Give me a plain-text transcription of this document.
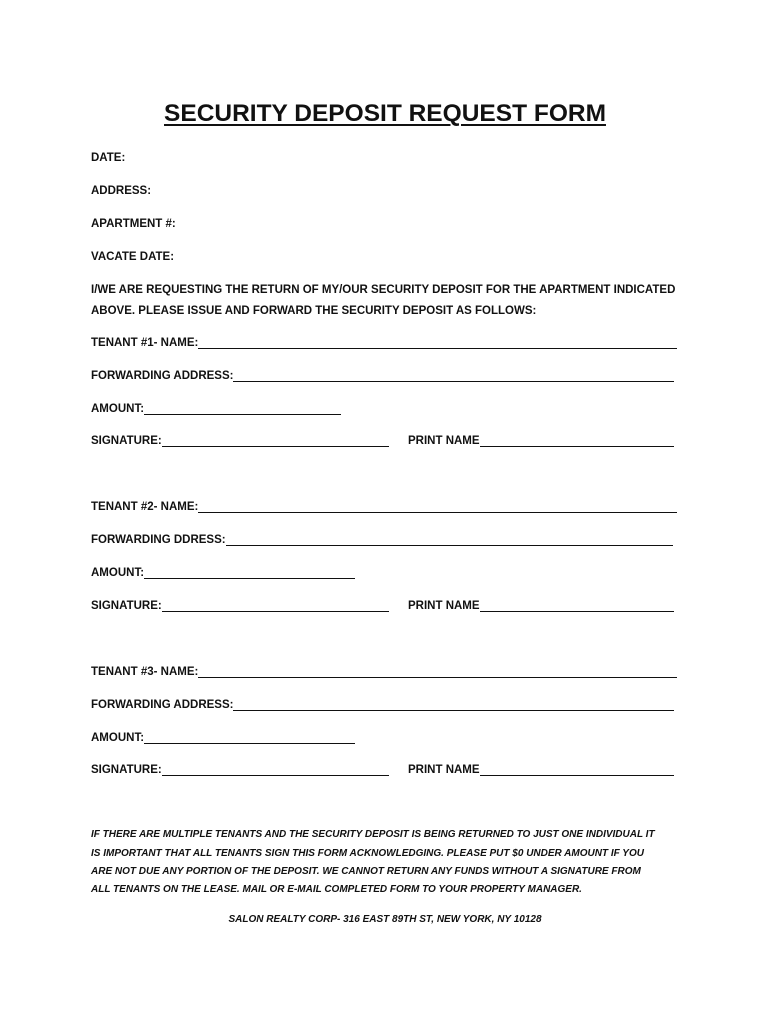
SECURITY DEPOSIT REQUEST FORM
DATE:
ADDRESS:
APARTMENT #:
VACATE DATE:
I/WE ARE REQUESTING THE RETURN OF MY/OUR SECURITY DEPOSIT FOR THE APARTMENT INDICATED
ABOVE. PLEASE ISSUE AND FORWARD THE SECURITY DEPOSIT AS FOLLOWS:
TENANT #1- NAME:
FORWARDING ADDRESS:
AMOUNT:
SIGNATURE:	PRINT NAME
TENANT #2- NAME:
FORWARDING DDRESS:
AMOUNT:
SIGNATURE:	PRINT NAME
TENANT #3- NAME:
FORWARDING ADDRESS:
AMOUNT:
SIGNATURE:	PRINT NAME
IF THERE ARE MULTIPLE TENANTS AND THE SECURITY DEPOSIT IS BEING RETURNED TO JUST ONE INDIVIDUAL IT
IS IMPORTANT THAT ALL TENANTS SIGN THIS FORM ACKNOWLEDGING. PLEASE PUT $0 UNDER AMOUNT IF YOU
ARE NOT DUE ANY PORTION OF THE DEPOSIT. WE CANNOT RETURN ANY FUNDS WITHOUT A SIGNATURE FROM
ALL TENANTS ON THE LEASE. MAIL OR E-MAIL COMPLETED FORM TO YOUR PROPERTY MANAGER.
SALON REALTY CORP- 316 EAST 89TH ST, NEW YORK, NY 10128
